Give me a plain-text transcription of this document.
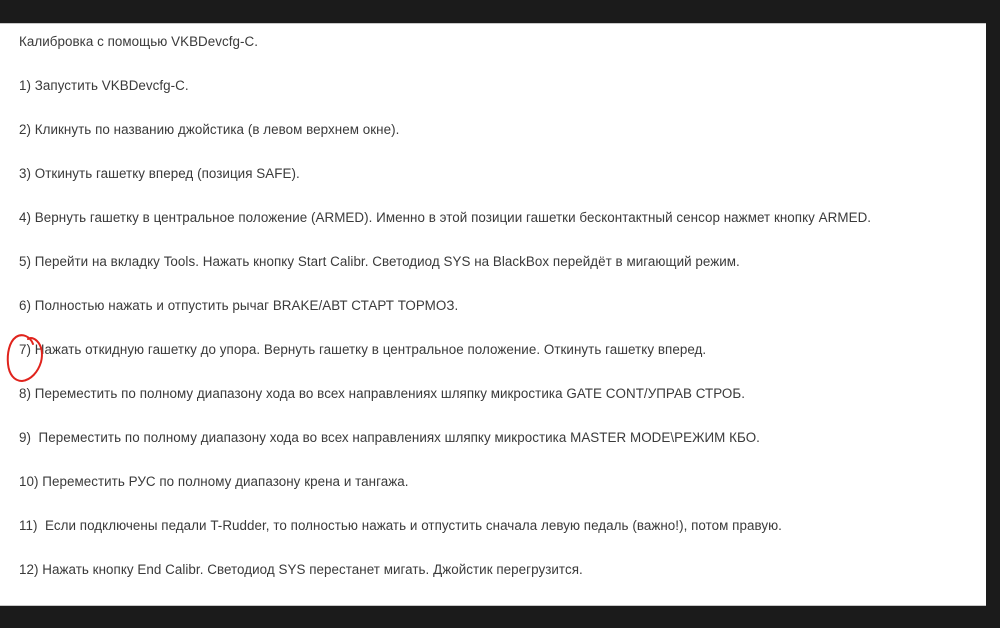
Калибровка с помощью VKBDevcfg-C.
1) Запустить VKBDevcfg-C.
2) Кликнуть по названию джойстика (в левом верхнем окне).
3) Откинуть гашетку вперед (позиция SAFE).
4) Вернуть гашетку в центральное положение (ARMED). Именно в этой позиции гашетки бесконтактный сенсор нажмет кнопку ARMED.
5) Перейти на вкладку Tools. Нажать кнопку Start Calibr. Светодиод SYS на BlackBox перейдёт в мигающий режим.
6) Полностью нажать и отпустить рычаг BRAKE/АВТ СТАРТ ТОРМОЗ.
7) Нажать откидную гашетку до упора. Вернуть гашетку в центральное положение. Откинуть гашетку вперед.
8) Переместить по полному диапазону хода во всех направлениях шляпку микростика GATE CONT/УПРАВ СТРОБ.
9)  Переместить по полному диапазону хода во всех направлениях шляпку микростика MASTER MODE\РЕЖИМ КБО.
10) Переместить РУС по полному диапазону крена и тангажа.
11)  Если подключены педали T-Rudder, то полностью нажать и отпустить сначала левую педаль (важно!), потом правую.
12) Нажать кнопку End Calibr. Светодиод SYS перестанет мигать. Джойстик перегрузится.
